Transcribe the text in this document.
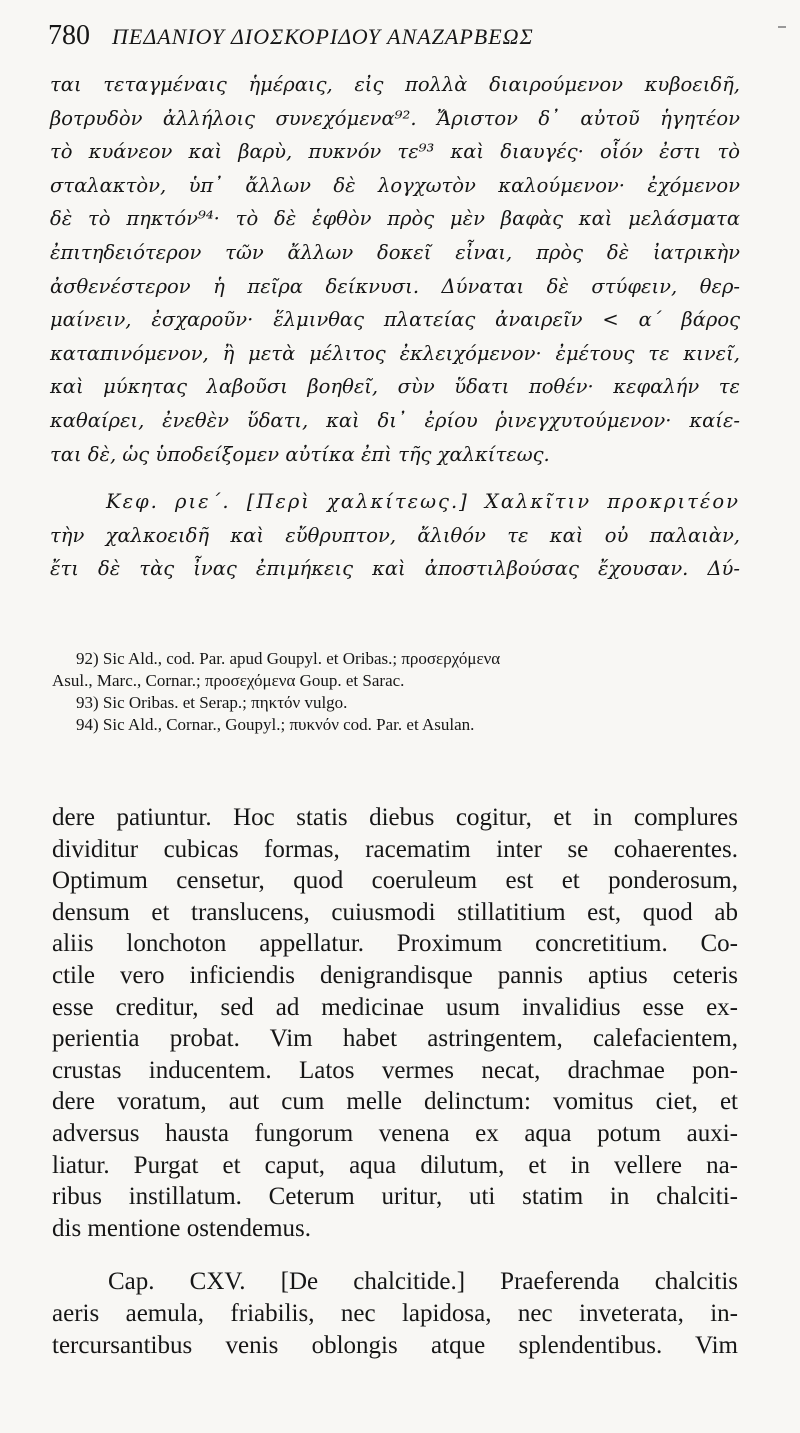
780 ΠΕΔΑΝΙΟΥ ΔΙΟΣΚΟΡΙΔΟΥ ΑΝΑΖΑΡΒΕΩΣ

ται τεταγμέναις ἡμέραις, εἰς πολλὰ διαιρούμενον κυβοειδῆ,

βοτρυδὸν ἀλλήλοις συνεχόμενα⁹². Ἄριστον δ᾽ αὐτοῦ ἡγητέον

τὸ κυάνεον καὶ βαρὺ, πυκνόν τε⁹³ καὶ διαυγές· οἷόν ἐστι τὸ

σταλακτὸν, ὑπ᾽ ἄλλων δὲ λογχωτὸν καλούμενον· ἐχόμενον

δὲ τὸ πηκτόν⁹⁴· τὸ δὲ ἑφθὸν πρὸς μὲν βαφὰς καὶ μελάσματα

ἐπιτηδειότερον τῶν ἄλλων δοκεῖ εἶναι, πρὸς δὲ ἰατρικὴν

ἀσθενέστερον ἡ πεῖρα δείκνυσι. Δύναται δὲ στύφειν, θερ-

μαίνειν, ἐσχαροῦν· ἕλμινθας πλατείας ἀναιρεῖν < α΄ βάρος

καταπινόμενον, ἢ μετὰ μέλιτος ἐκλειχόμενον· ἐμέτους τε κινεῖ,

καὶ μύκητας λαβοῦσι βοηθεῖ, σὺν ὕδατι ποθέν· κεφαλήν τε

καθαίρει, ἐνεθὲν ὕδατι, καὶ δι᾽ ἐρίου ῥινεγχυτούμενον· καίε-

ται δὲ, ὡς ὑποδείξομεν αὐτίκα ἐπὶ τῆς χαλκίτεως.

Κεφ. ριε΄. [Περὶ χαλκίτεως.] Χαλκῖτιν προκριτέον

τὴν χαλκοειδῆ καὶ εὔθρυπτον, ἄλιθόν τε καὶ οὐ παλαιὰν,

ἔτι δὲ τὰς ἶνας ἐπιμήκεις καὶ ἀποστιλβούσας ἔχουσαν. Δύ-

92) Sic Ald., cod. Par. apud Goupyl. et Oribas.; προσερχόμενα

Asul., Marc., Cornar.; προσεχόμενα Goup. et Sarac.

93) Sic Oribas. et Serap.; πηκτόν vulgo.

94) Sic Ald., Cornar., Goupyl.; πυκνόν cod. Par. et Asulan.

dere patiuntur. Hoc statis diebus cogitur, et in complures

dividitur cubicas formas, racematim inter se cohaerentes.

Optimum censetur, quod coeruleum est et ponderosum,

densum et translucens, cuiusmodi stillatitium est, quod ab

aliis lonchoton appellatur. Proximum concretitium. Co-

ctile vero inficiendis denigrandisque pannis aptius ceteris

esse creditur, sed ad medicinae usum invalidius esse ex-

perientia probat. Vim habet astringentem, calefacientem,

crustas inducentem. Latos vermes necat, drachmae pon-

dere voratum, aut cum melle delinctum: vomitus ciet, et

adversus hausta fungorum venena ex aqua potum auxi-

liatur. Purgat et caput, aqua dilutum, et in vellere na-

ribus instillatum. Ceterum uritur, uti statim in chalciti-

dis mentione ostendemus.

Cap. CXV. [De chalcitide.] Praeferenda chalcitis

aeris aemula, friabilis, nec lapidosa, nec inveterata, in-

tercursantibus venis oblongis atque splendentibus. Vim
